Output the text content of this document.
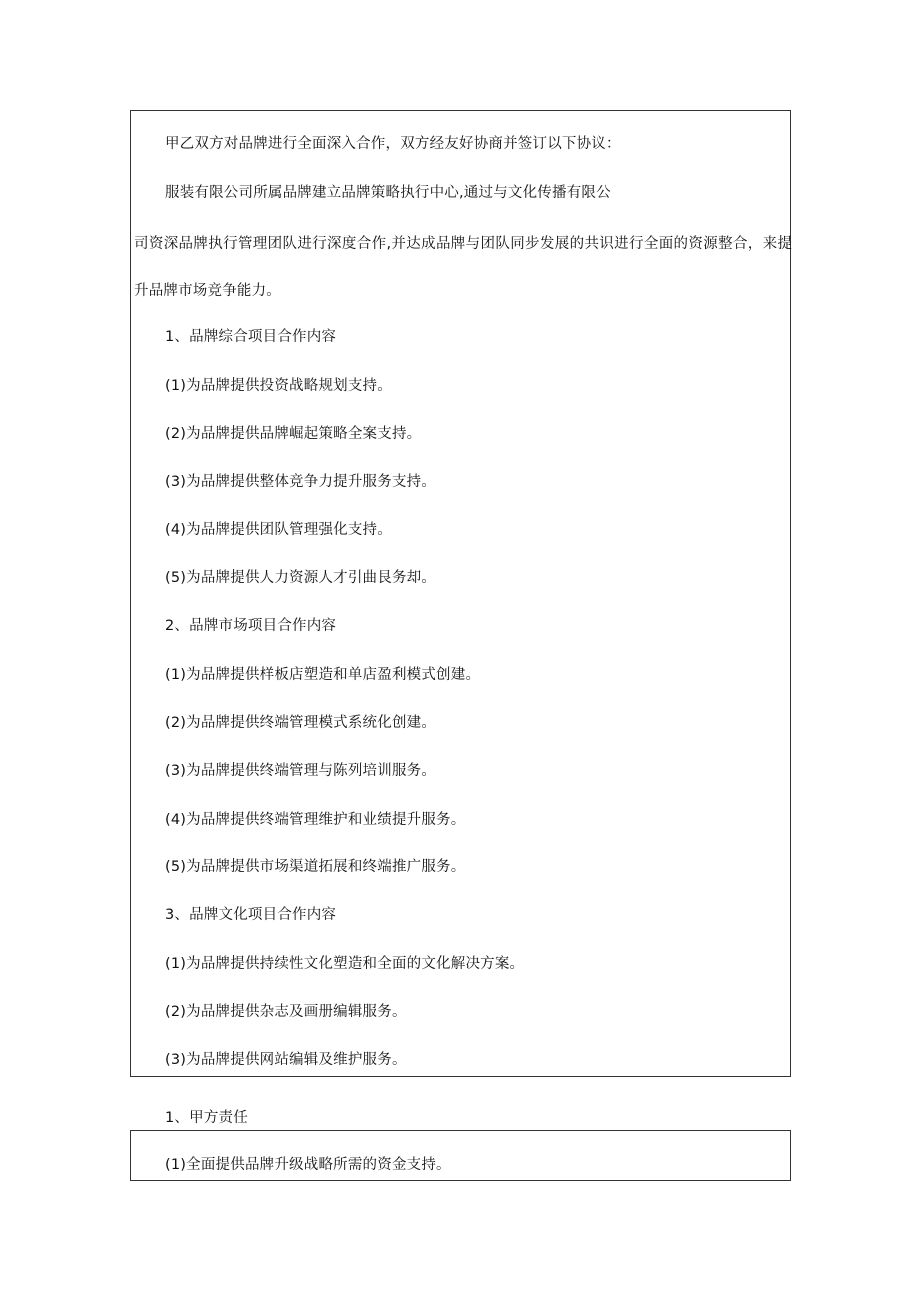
甲乙双方对品牌进行全面深入合作，双方经友好协商并签订以下协议：
服装有限公司所属品牌建立品牌策略执行中心,通过与文化传播有限公
司资深品牌执行管理团队进行深度合作,并达成品牌与团队同步发展的共识进行全面的资源整合，来提
升品牌市场竞争能力。
1、品牌综合项目合作内容
(1)为品牌提供投资战略规划支持。
(2)为品牌提供品牌崛起策略全案支持。
(3)为品牌提供整体竞争力提升服务支持。
(4)为品牌提供团队管理强化支持。
(5)为品牌提供人力资源人才引曲艮务却。
2、品牌市场项目合作内容
(1)为品牌提供样板店塑造和单店盈利模式创建。
(2)为品牌提供终端管理模式系统化创建。
(3)为品牌提供终端管理与陈列培训服务。
(4)为品牌提供终端管理维护和业绩提升服务。
(5)为品牌提供市场渠道拓展和终端推广服务。
3、品牌文化项目合作内容
(1)为品牌提供持续性文化塑造和全面的文化解决方案。
(2)为品牌提供杂志及画册编辑服务。
(3)为品牌提供网站编辑及维护服务。
1、甲方责任
(1)全面提供品牌升级战略所需的资金支持。
